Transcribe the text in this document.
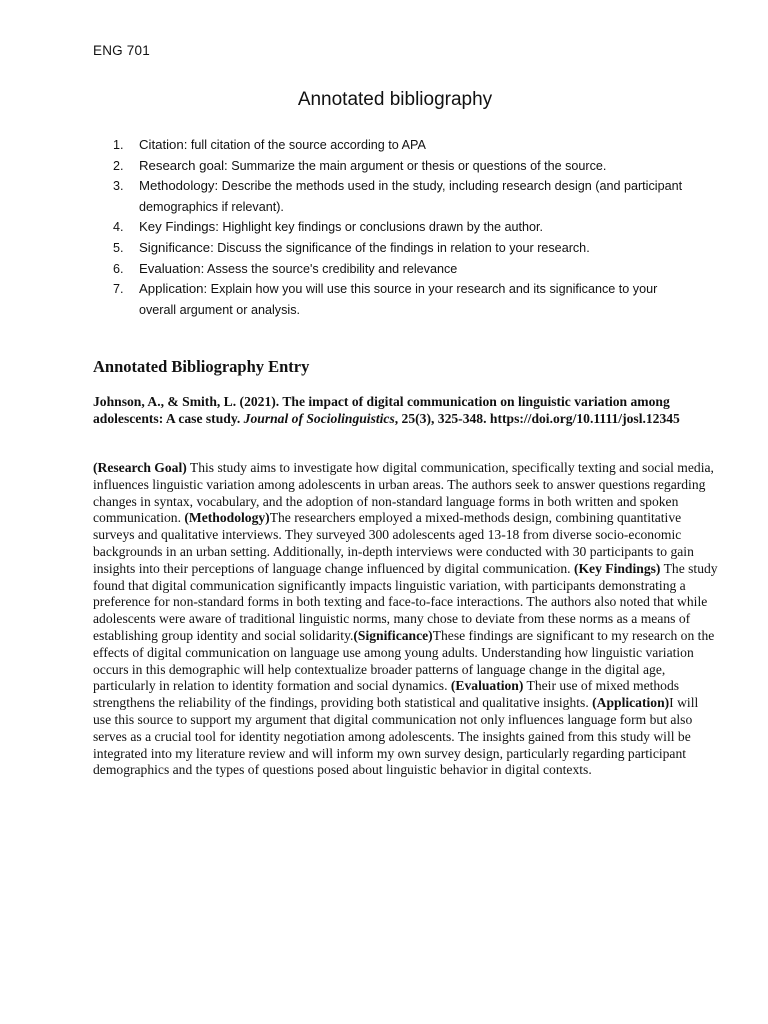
ENG 701
Annotated bibliography
1. Citation: full citation of the source according to APA
2. Research goal: Summarize the main argument or thesis or questions of the source.
3. Methodology: Describe the methods used in the study, including research design (and participant demographics if relevant).
4. Key Findings: Highlight key findings or conclusions drawn by the author.
5. Significance: Discuss the significance of the findings in relation to your research.
6. Evaluation: Assess the source's credibility and relevance
7. Application: Explain how you will use this source in your research and its significance to your overall argument or analysis.
Annotated Bibliography Entry
Johnson, A., & Smith, L. (2021). The impact of digital communication on linguistic variation among adolescents: A case study. Journal of Sociolinguistics, 25(3), 325-348. https://doi.org/10.1111/josl.12345
(Research Goal) This study aims to investigate how digital communication, specifically texting and social media, influences linguistic variation among adolescents in urban areas. The authors seek to answer questions regarding changes in syntax, vocabulary, and the adoption of non-standard language forms in both written and spoken communication. (Methodology)The researchers employed a mixed-methods design, combining quantitative surveys and qualitative interviews. They surveyed 300 adolescents aged 13-18 from diverse socio-economic backgrounds in an urban setting. Additionally, in-depth interviews were conducted with 30 participants to gain insights into their perceptions of language change influenced by digital communication. (Key Findings) The study found that digital communication significantly impacts linguistic variation, with participants demonstrating a preference for non-standard forms in both texting and face-to-face interactions. The authors also noted that while adolescents were aware of traditional linguistic norms, many chose to deviate from these norms as a means of establishing group identity and social solidarity.(Significance)These findings are significant to my research on the effects of digital communication on language use among young adults. Understanding how linguistic variation occurs in this demographic will help contextualize broader patterns of language change in the digital age, particularly in relation to identity formation and social dynamics. (Evaluation) Their use of mixed methods strengthens the reliability of the findings, providing both statistical and qualitative insights. (Application)I will use this source to support my argument that digital communication not only influences language form but also serves as a crucial tool for identity negotiation among adolescents. The insights gained from this study will be integrated into my literature review and will inform my own survey design, particularly regarding participant demographics and the types of questions posed about linguistic behavior in digital contexts.
